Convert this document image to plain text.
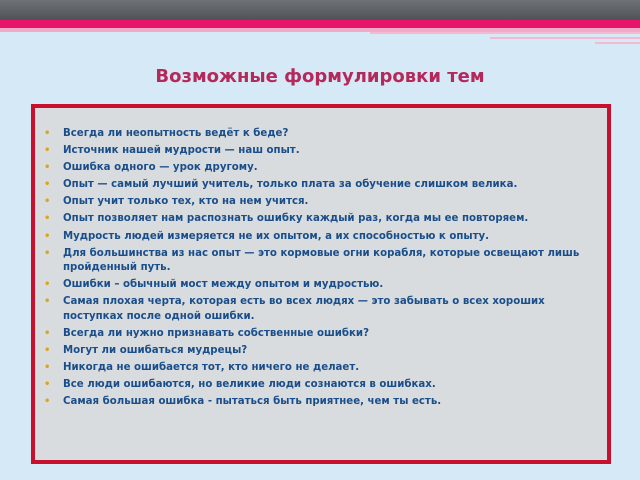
Возможные формулировки тем
• Всегда ли неопытность ведёт к беде?
• Источник нашей мудрости — наш опыт.
• Ошибка одного — урок другому.
• Опыт — самый лучший учитель, только плата за обучение слишком велика.
• Опыт учит только тех, кто на нем учится.
• Опыт позволяет нам распознать ошибку каждый раз, когда мы ее повторяем.
• Мудрость людей измеряется не их опытом, а их способностью к опыту.
• Для большинства из нас опыт — это кормовые огни корабля, которые освещают лишь пройденный путь.
• Ошибки – обычный мост между опытом и мудростью.
• Самая плохая черта, которая есть во всех людях — это забывать о всех хороших поступках после одной ошибки.
• Всегда ли нужно признавать собственные ошибки?
• Могут ли ошибаться мудрецы?
• Никогда не ошибается тот, кто ничего не делает.
• Все люди ошибаются, но великие люди сознаются в ошибках.
• Самая большая ошибка - пытаться быть приятнее, чем ты есть.
